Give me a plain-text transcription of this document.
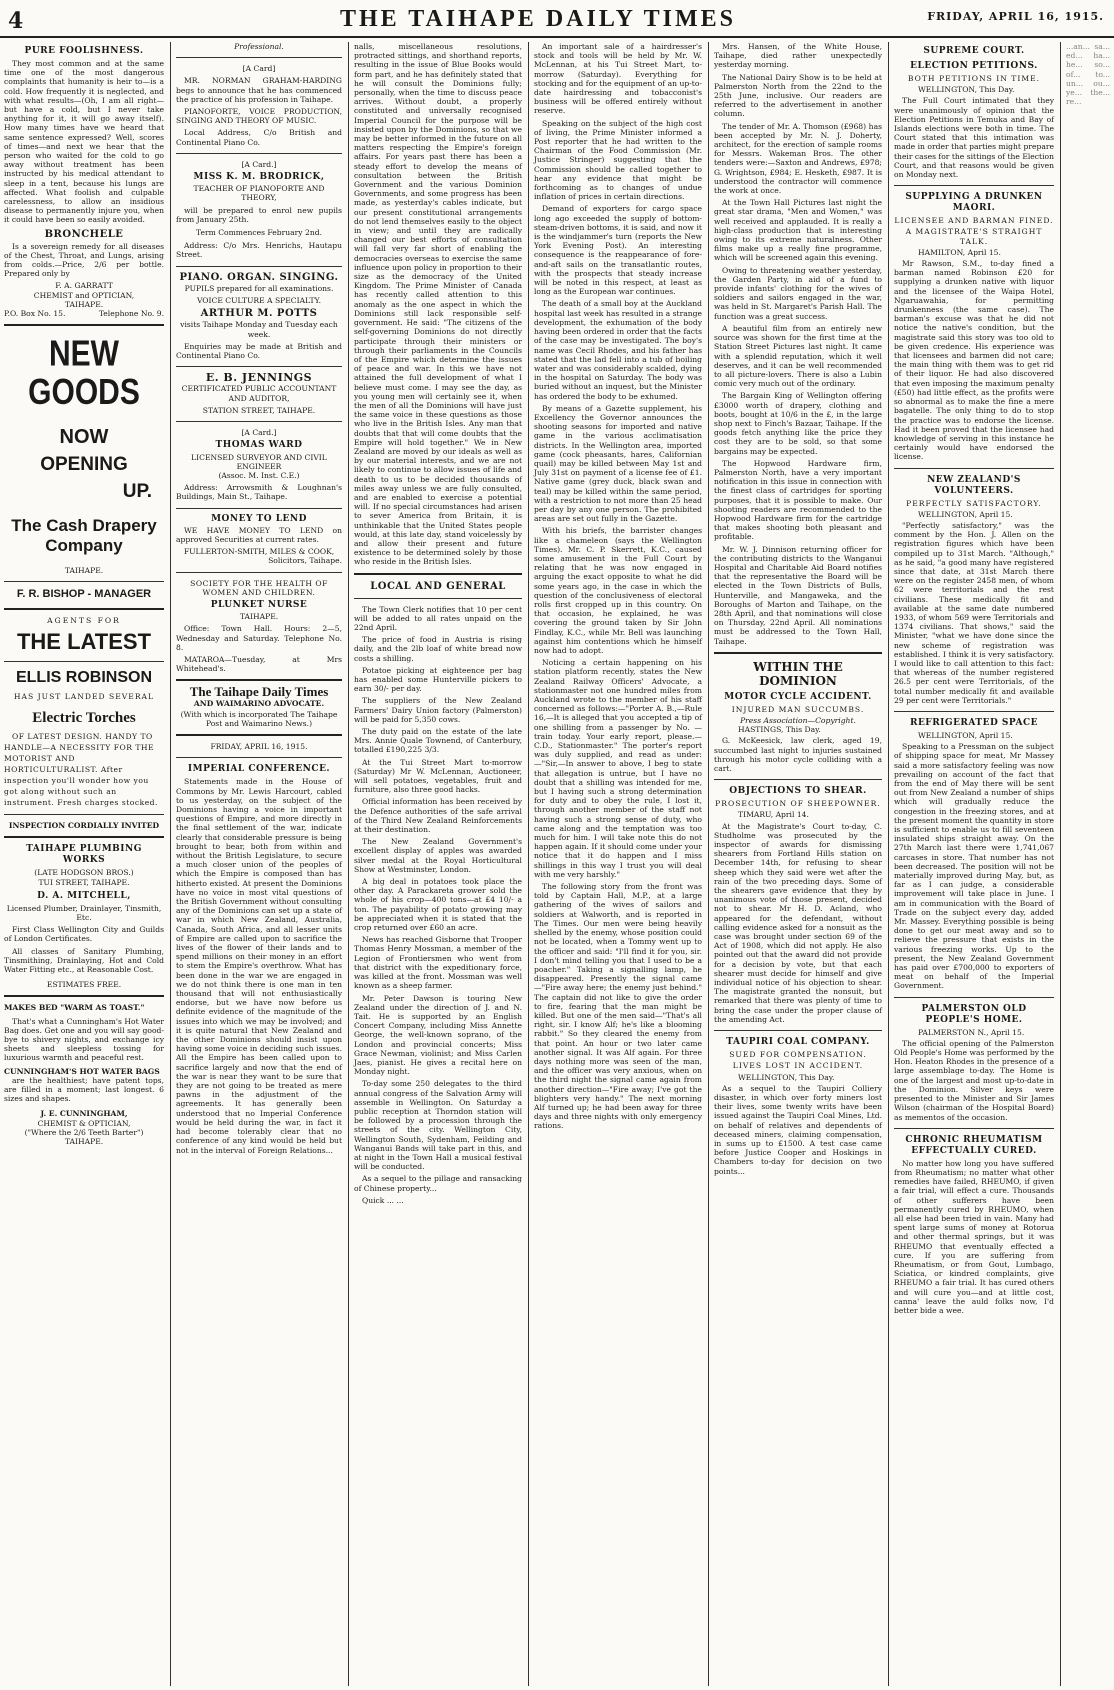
4	THE TAIHAPE DAILY TIMES	FRIDAY, APRIL 16, 1915.
PURE FOOLISHNESS.
They most common and at the same time one of the most dangerous complaints that humanity is heir to—is a cold. How frequently it is neglected, and with what results—(Oh, I am all right—but have a cold, but I never take anything for it, it will go away itself). How many times have we heard that same sentence expressed? Well, scores of times—and next we hear that the person who waited for the cold to go away without treatment has been instructed by his medical attendant to sleep in a tent, because his lungs are affected. What foolish and culpable carelessness, to allow an insidious disease to permanently injure you, when it could have been so easily avoided.
BRONCHELE
Is a sovereign remedy for all diseases of the Chest, Throat, and Lungs, arising from colds.—Price, 2/6 per bottle. Prepared only by
F. A. GARRATT
CHEMIST and OPTICIAN,
TAIHAPE.
P.O. Box No. 15.	Telephone No. 9.
NEW GOODS
NOW
OPENING
UP.
The Cash Drapery Company
TAIHAPE.
F. R. BISHOP - MANAGER
AGENTS FOR
THE LATEST
ELLIS ROBINSON
HAS JUST LANDED SEVERAL
Electric Torches
OF LATEST DESIGN. HANDY TO HANDLE—A NECESSITY FOR THE MOTORIST AND HORTICULTURALIST. After inspection you'll wonder how you got along without such an instrument. Fresh charges stocked.
INSPECTION CORDIALLY INVITED
TAIHAPE PLUMBING WORKS
(LATE HODGSON BROS.)
TUI STREET, TAIHAPE.
D. A. MITCHELL,
Licensed Plumber, Drainlayer, Tinsmith, Etc.
First Class Wellington City and Guilds of London Certificates.
All classes of Sanitary Plumbing, Tinsmithing, Drainlaying, Hot and Cold Water Fitting etc., at Reasonable Cost.
ESTIMATES FREE.
MAKES BED "WARM AS TOAST."
That's what a Cunningham's Hot Water Bag does. Get one and you will say good-bye to shivery nights, and exchange icy sheets and sleepless tossing for luxurious warmth and peaceful rest.
CUNNINGHAM'S HOT WATER BAGS
are the healthiest; have patent tops, are filled in a moment; last longest. 6 sizes and shapes.
J. E. CUNNINGHAM,
CHEMIST & OPTICIAN,
("Where the 2/6 Teeth Barter")
TAIHAPE.
Professional.
[A Card]
MR. NORMAN GRAHAM-HARDING begs to announce that he has commenced the practice of his profession in Taihape.
PIANOFORTE, VOICE PRODUCTION, SINGING AND THEORY OF MUSIC.
Local Address, C/o British and Continental Piano Co.
[A Card.]
MISS K. M. BRODRICK,
TEACHER OF PIANOFORTE AND THEORY,
will be prepared to enrol new pupils from January 25th.
Term Commences February 2nd.
Address: C/o Mrs. Henrichs, Hautapu Street.
PIANO. ORGAN. SINGING.
PUPILS prepared for all examinations.
VOICE CULTURE A SPECIALTY.
ARTHUR M. POTTS
visits Taihape Monday and Tuesday each week.
Enquiries may be made at British and Continental Piano Co.
E. B. JENNINGS
CERTIFICATED PUBLIC ACCOUNTANT AND AUDITOR,
STATION STREET, TAIHAPE.
[A Card.]
THOMAS WARD
LICENSED SURVEYOR AND CIVIL ENGINEER
(Assoc. M. Inst. C.E.)
Address: Arrowsmith & Loughnan's Buildings, Main St., Taihape.
MONEY TO LEND
WE HAVE MONEY TO LEND on approved Securities at current rates.
FULLERTON-SMITH, MILES & COOK,
Solicitors, Taihape.
SOCIETY FOR THE HEALTH OF WOMEN AND CHILDREN.
PLUNKET NURSE
TAIHAPE.
Office: Town Hall. Hours: 2—5, Wednesday and Saturday. Telephone No. 8.
MATAROA—Tuesday, at Mrs Whitehead's.
The Taihape Daily Times
AND WAIMARINO ADVOCATE.
(With which is incorporated The Taihape Post and Waimarino News.)
FRIDAY, APRIL 16, 1915.
IMPERIAL CONFERENCE.
Statements made in the House of Commons by Mr. Lewis Harcourt, cabled to us yesterday, on the subject of the Dominions having a voice in important questions of Empire, and more directly in the final settlement of the war, indicate clearly that considerable pressure is being brought to bear, both from within and without the British Legislature, to secure a much closer union of the peoples of which the Empire is composed than has hitherto existed. At present the Dominions have no voice in most vital questions of the British Government without consulting any of the Dominions can set up a state of war in which New Zealand, Australia, Canada, South Africa, and all lesser units of Empire are called upon to sacrifice the lives of the flower of their lands and to spend millions on their money in an effort to stem the Empire's overthrow. What has been done in the war we are engaged in we do not think there is one man in ten thousand that will not enthusiastically endorse, but we have now before us definite evidence of the magnitude of the issues into which we may be involved; and it is quite natural that New Zealand and the other Dominions should insist upon having some voice in deciding such issues. All the Empire has been called upon to sacrifice largely and now that the end of the war is near they want to be sure that they are not going to be treated as mere pawns in the adjustment of the agreements. It has generally been understood that no Imperial Conference would be held during the war, in fact it had become tolerably clear that no conference of any kind would be held but not in the interval of Foreign Relations...
nalls, miscellaneous resolutions, protracted sittings, and shorthand reports, resulting in the issue of Blue Books would form part, and he has definitely stated that he will consult the Dominions fully; personally, when the time to discuss peace arrives. Without doubt, a properly constituted and universally recognised Imperial Council for the purpose will be insisted upon by the Dominions, so that we may be better informed in the future on all matters respecting the Empire's foreign affairs. For years past there has been a steady effort to develop the means of consultation between the British Government and the various Dominion Governments, and some progress has been made, as yesterday's cables indicate, but our present constitutional arrangements do not lend themselves easily to the object in view; and until they are radically changed our best efforts of consultation will fall very far short of enabling the democracies overseas to exercise the same influence upon policy in proportion to their size as the democracy of the United Kingdom. The Prime Minister of Canada has recently called attention to this anomaly as the one aspect in which the Dominions still lack responsible self-government. He said: "The citizens of the self-governing Dominions do not directly participate through their ministers or through their parliaments in the Councils of the Empire which determine the issues of peace and war. In this we have not attained the full development of what I believe must come. I may see the day, as you young men will certainly see it, when the men of all the Dominions will have just the same voice in these questions as those who live in the British Isles. Any man that doubts that that will come doubts that the Empire will hold together." We in New Zealand are moved by our ideals as well as by our material interests, and we are not likely to continue to allow issues of life and death to us to be decided thousands of miles away unless we are fully consulted, and are enabled to exercise a potential will. If no special circumstances had arisen to sever America from Britain, it is unthinkable that the United States people would, at this late day, stand voicelessly by and allow their present and future existence to be determined solely by those who reside in the British Isles.
LOCAL AND GENERAL
The Town Clerk notifies that 10 per cent will be added to all rates unpaid on the 22nd April.
The price of food in Austria is rising daily, and the 2lb loaf of white bread now costs a shilling.
Potatoe picking at eighteence per bag has enabled some Hunterville pickers to earn 30/- per day.
The suppliers of the New Zealand Farmers' Dairy Union factory (Palmerston) will be paid for 5,350 cows.
The duty paid on the estate of the late Mrs. Annie Quale Townend, of Canterbury, totalled £190,225 3/3.
At the Tui Street Mart to-morrow (Saturday) Mr W. McLennan, Auctioneer, will sell potatoes, vegetables, fruit and furniture, also three good hacks.
Official information has been received by the Defence authorities of the safe arrival of the Third New Zealand Reinforcements at their destination.
The New Zealand Government's excellent display of apples was awarded silver medal at the Royal Horticultural Show at Westminster, London.
A big deal in potatoes took place the other day. A Parackareta grower sold the whole of his crop—400 tons—at £4 10/- a ton. The payability of potato growing may be appreciated when it is stated that the crop returned over £60 an acre.
News has reached Gisborne that Trooper Thomas Henry Mossman, a member of the Legion of Frontiersmen who went from that district with the expeditionary force, was killed at the front. Mossman was well known as a sheep farmer.
Mr. Peter Dawson is touring New Zealand under the direction of J. and N. Tait. He is supported by an English Concert Company, including Miss Annette George, the well-known soprano, of the London and provincial concerts; Miss Grace Newman, violinist; and Miss Carlen Jaes, pianist. He gives a recital here on Monday night.
To-day some 250 delegates to the third annual congress of the Salvation Army will assemble in Wellington. On Saturday a public reception at Thorndon station will be followed by a procession through the streets of the city. Wellington City, Wellington South, Sydenham, Feilding and Wanganui Bands will take part in this, and at night in the Town Hall a musical festival will be conducted.
As a sequel to the pillage and ransacking of Chinese property...
Quick ... ...
An important sale of a hairdresser's stock and tools will be held by Mr. W. McLennan, at his Tui Street Mart, to-morrow (Saturday). Everything for stocking and for the equipment of an up-to-date hairdressing and tobacconist's business will be offered entirely without reserve.
Speaking on the subject of the high cost of living, the Prime Minister informed a Post reporter that he had written to the Chairman of the Food Commission (Mr. Justice Stringer) suggesting that the Commission should be called together to hear any evidence that might be forthcoming as to changes of undue inflation of prices in certain directions.
Demand of exporters for cargo space long ago exceeded the supply of bottom-steam-driven bottoms, it is said, and now it is the windjammer's turn (reports the New York Evening Post). An interesting consequence is the reappearance of fore-and-aft sails on the transatlantic routes, with the prospects that steady increase will be noted in this respect, at least as long as the European war continues.
The death of a small boy at the Auckland hospital last week has resulted in a strange development, the exhumation of the body having been ordered in order that the facts of the case may be investigated. The boy's name was Cecil Rhodes, and his father has stated that the lad fell into a tub of boiling water and was considerably scalded, dying in the hospital on Saturday. The body was buried without an inquest, but the Minister has ordered the body to be exhumed.
By means of a Gazette supplement, his Excellency the Governor announces the shooting seasons for imported and native game in the various acclimatisation districts. In the Wellington area, imported game (cock pheasants, hares, Californian quail) may be killed between May 1st and July 31st on payment of a license fee of £1. Native game (grey duck, black swan and teal) may be killed within the same period, with a restriction to not more than 25 head per day by any one person. The prohibited areas are set out fully in the Gazette.
With his briefs, the barrister changes like a chameleon (says the Wellington Times). Mr. C. P. Skerrett, K.C., caused some amusement in the Full Court by relating that he was now engaged in arguing the exact opposite to what he did some years ago, in the case in which the question of the conclusiveness of electoral rolls first cropped up in this country. On that occasion, he explained, he was covering the ground taken by Sir John Findlay, K.C., while Mr. Bell was launching against him contentions which he himself now had to adopt.
Noticing a certain happening on his station platform recently, states the New Zealand Railway Officers' Advocate, a stationmaster not one hundred miles from Auckland wrote to the member of his staff concerned as follows:—"Porter A. B.,—Rule 16,—It is alleged that you accepted a tip of one shilling from a passenger by No. — train today. Your early report, please.—C.D., Stationmaster." The porter's report was duly supplied, and read as under:—"Sir,—In answer to above, I beg to state that allegation is untrue, but I have no doubt that a shilling was intended for me, but I having such a strong determination for duty and to obey the rule, I lost it, through another member of the staff not having such a strong sense of duty, who came along and the temptation was too much for him. I will take note this do not happen again. If it should come under your notice that it do happen and I miss shillings in this way I trust you will deal with me very harshly."
The following story from the front was told by Captain Hall, M.P., at a large gathering of the wives of sailors and soldiers at Walworth, and is reported in The Times. Our men were being heavily shelled by the enemy, whose position could not be located, when a Tommy went up to the officer and said: "I'll find it for you, sir. I don't mind telling you that I used to be a poacher." Taking a signalling lamp, he disappeared. Presently the signal came—"Fire away here; the enemy just behind." The captain did not like to give the order to fire, fearing that the man might be killed. But one of the men said—"That's all right, sir. I know Alf; he's like a blooming rabbit." So they cleared the enemy from that point. An hour or two later came another signal. It was Alf again. For three days nothing more was seen of the man, and the officer was very anxious, when on the third night the signal came again from another direction—"Fire away; I've got the blighters very handy." The next morning Alf turned up; he had been away for three days and three nights with only emergency rations.
Mrs. Hansen, of the White House, Taihape, died rather unexpectedly yesterday morning.
The National Dairy Show is to be held at Palmerston North from the 22nd to the 25th June, inclusive. Our readers are referred to the advertisement in another column.
The tender of Mr. A. Thomson (£968) has been accepted by Mr. N. J. Doherty, architect, for the erection of sample rooms for Messrs. Wakeman Bros. The other tenders were:—Saxton and Andrews, £978; G. Wrightson, £984; E. Hesketh, £987. It is understood the contractor will commence the work at once.
At the Town Hall Pictures last night the great star drama, "Men and Women," was well received and applauded. It is really a high-class production that is interesting owing to its extreme naturalness. Other films make up a really fine programme, which will be screened again this evening.
Owing to threatening weather yesterday, the Garden Party, in aid of a fund to provide infants' clothing for the wives of soldiers and sailors engaged in the war, was held in St. Margaret's Parish Hall. The function was a great success.
A beautiful film from an entirely new source was shown for the first time at the Station Street Pictures last night. It came with a splendid reputation, which it well deserves, and it can be well recommended to all picture-lovers. There is also a Lubin comic very much out of the ordinary.
The Bargain King of Wellington offering £3000 worth of drapery, clothing and boots, bought at 10/6 in the £, in the large shop next to Finch's Bazaar, Taihape. If the goods fetch anything like the price they cost they are to be sold, so that some bargains may be expected.
The Hopwood Hardware firm, Palmerston North, have a very important notification in this issue in connection with the finest class of cartridges for sporting purposes, that it is possible to make. Our shooting readers are recommended to the Hopwood Hardware firm for the cartridge that makes shooting both pleasant and profitable.
Mr. W. J. Dinnison returning officer for the contributing districts to the Wanganui Hospital and Charitable Aid Board notifies that the representative the Board will be elected in the Town Districts of Bulls, Hunterville, and Mangaweka, and the Boroughs of Marton and Taihape, on the 28th April, and that nominations will close on Thursday, 22nd April. All nominations must be addressed to the Town Hall, Taihape.
WITHIN THE DOMINION
MOTOR CYCLE ACCIDENT.
INJURED MAN SUCCUMBS.
Press Association—Copyright.
HASTINGS, This Day.
G. McKeesick, law clerk, aged 19, succumbed last night to injuries sustained through his motor cycle colliding with a cart.
OBJECTIONS TO SHEAR.
PROSECUTION OF SHEEPOWNER.
TIMARU, April 14.
At the Magistrate's Court to-day, C. Studholme was prosecuted by the inspector of awards for dismissing shearers from Fortland Hills station on December 14th, for refusing to shear sheep which they said were wet after the rain of the two preceding days. Some of the shearers gave evidence that they by unanimous vote of those present, decided not to shear. Mr H. D. Acland, who appeared for the defendant, without calling evidence asked for a nonsuit as the case was brought under section 69 of the Act of 1908, which did not apply. He also pointed out that the award did not provide for a decision by vote, but that each shearer must decide for himself and give individual notice of his objection to shear. The magistrate granted the nonsuit, but remarked that there was plenty of time to bring the case under the proper clause of the amending Act.
TAUPIRI COAL COMPANY.
SUED FOR COMPENSATION.
LIVES LOST IN ACCIDENT.
WELLINGTON, This Day.
As a sequel to the Taupiri Colliery disaster, in which over forty miners lost their lives, some twenty writs have been issued against the Taupiri Coal Mines, Ltd. on behalf of relatives and dependents of deceased miners, claiming compensation, in sums up to £1500. A test case came before Justice Cooper and Hoskings in Chambers to-day for decision on two points...
SUPREME COURT.
ELECTION PETITIONS.
BOTH PETITIONS IN TIME.
WELLINGTON, This Day.
The Full Court intimated that they were unanimously of opinion that the Election Petitions in Temuka and Bay of Islands elections were both in time. The Court stated that this intimation was made in order that parties might prepare their cases for the sittings of the Election Court, and that reasons would be given on Monday next.
SUPPLYING A DRUNKEN MAORI.
LICENSEE AND BARMAN FINED.
A MAGISTRATE'S STRAIGHT TALK.
HAMILTON, April 15.
Mr Rawson, S.M., to-day fined a barman named Robinson £20 for supplying a drunken native with liquor and the licensee of the Waipa Hotel, Ngaruawahia, for permitting drunkenness (the same case). The barman's excuse was that he did not notice the native's condition, but the magistrate said this story was too old to be given credence. His experience was that licensees and barmen did not care; the main thing with them was to get rid of their liquor. He had also discovered that even imposing the maximum penalty (£50) had little effect, as the profits were so abnormal as to make the fine a mere bagatelle. The only thing to do to stop the practice was to endorse the license. Had it been proved that the licensee had knowledge of serving in this instance he certainly would have endorsed the license.
NEW ZEALAND'S VOLUNTEERS.
PERFECTLY SATISFACTORY.
WELLINGTON, April 15.
"Perfectly satisfactory," was the comment by the Hon. J. Allen on the registration figures which have been compiled up to 31st March. "Although," as he said, "a good many have registered since that date, at 31st March there were on the register 2458 men, of whom 62 were territorials and the rest civilians. These medically fit and available at the same date numbered 1933, of whom 569 were Territorials and 1374 civilians. That shows," said the Minister, "what we have done since the new scheme of registration was established. I think it is very satisfactory. I would like to call attention to this fact: that whereas of the number registered 26.5 per cent were Territorials, of the total number medically fit and available 29 per cent were Territorials."
REFRIGERATED SPACE
WELLINGTON, April 15.
Speaking to a Pressman on the subject of shipping space for meat, Mr Massey said a more satisfactory feeling was now prevailing on account of the fact that from the end of May there will be sent out from New Zealand a number of ships which will gradually reduce the congestion in the freezing stores, and at the present moment the quantity in store is sufficient to enable us to fill seventeen insulated ships straight away. On the 27th March last there were 1,741,067 carcases in store. That number has not been decreased. The position will not be materially improved during May, but, as far as I can judge, a considerable improvement will take place in June. I am in communication with the Board of Trade on the subject every day, added Mr. Massey. Everything possible is being done to get our meat away and so to relieve the pressure that exists in the various freezing works. Up to the present, the New Zealand Government has paid over £700,000 to exporters of meat on behalf of the Imperial Government.
PALMERSTON OLD PEOPLE'S HOME.
PALMERSTON N., April 15.
The official opening of the Palmerston Old People's Home was performed by the Hon. Heaton Rhodes in the presence of a large assemblage to-day. The Home is one of the largest and most up-to-date in the Dominion. Silver keys were presented to the Minister and Sir James Wilson (chairman of the Hospital Board) as mementos of the occasion.
CHRONIC RHEUMATISM EFFECTUALLY CURED.
No matter how long you have suffered from Rheumatism; no matter what other remedies have failed, RHEUMO, if given a fair trial, will effect a cure. Thousands of other sufferers have been permanently cured by RHEUMO, when all else had been tried in vain. Many had spent large sums of money at Rotorua and other thermal springs, but it was RHEUMO that eventually effected a cure. If you are suffering from Rheumatism, or from Gout, Lumbago, Sciatica, or kindred complaints, give RHEUMO a fair trial. It has cured others and will cure you—and at little cost, canna' leave the auld folks now, I'd better bide a wee.
...an... sa... ed... ha... he... so... of... to... un... ou... ye... the... re...
